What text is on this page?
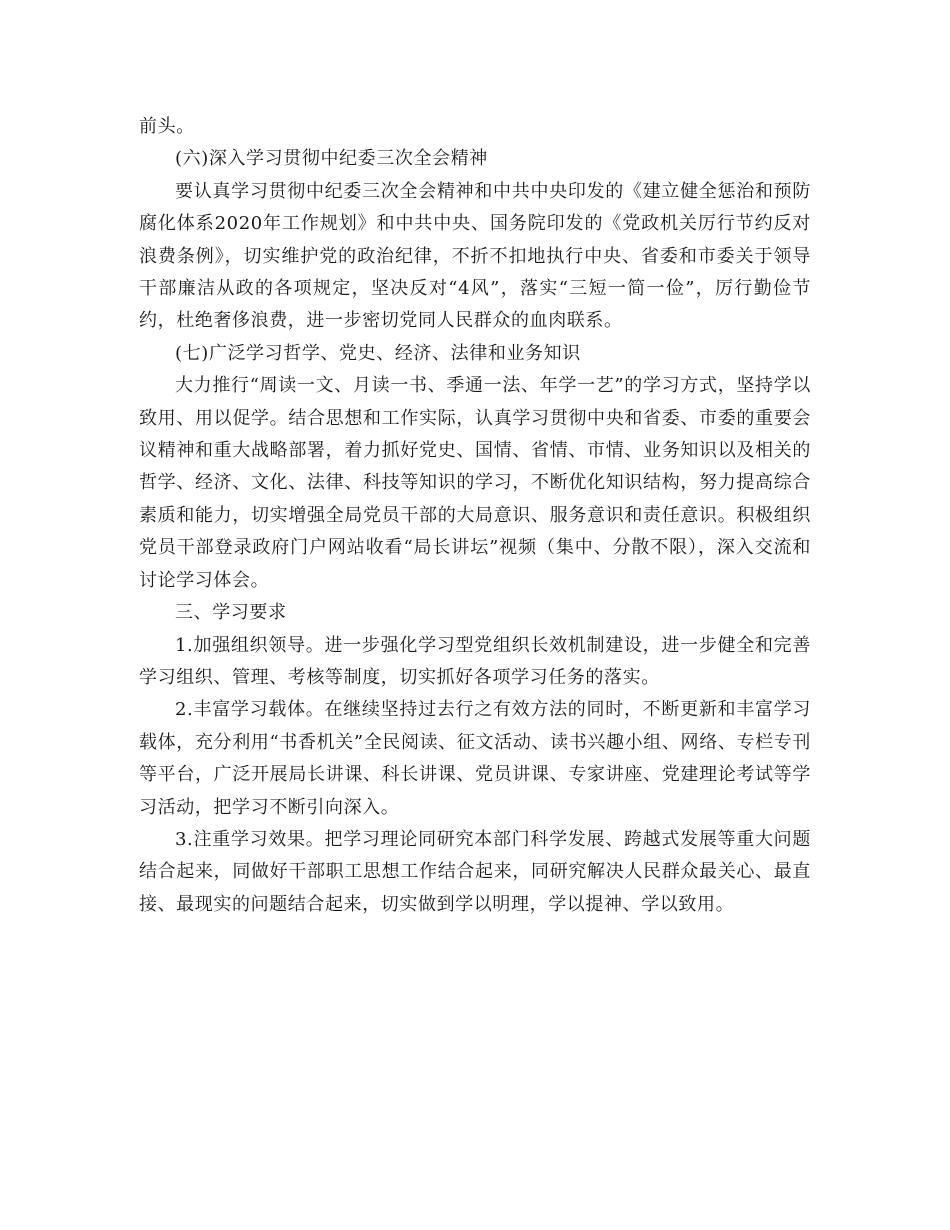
前头。

(六)深入学习贯彻中纪委三次全会精神

要认真学习贯彻中纪委三次全会精神和中共中央印发的《建立健全惩治和预防腐化体系2020年工作规划》和中共中央、国务院印发的《党政机关厉行节约反对浪费条例》，切实维护党的政治纪律，不折不扣地执行中央、省委和市委关于领导干部廉洁从政的各项规定，坚决反对“4风”，落实“三短一简一俭”，厉行勤俭节约，杜绝奢侈浪费，进一步密切党同人民群众的血肉联系。

(七)广泛学习哲学、党史、经济、法律和业务知识

大力推行“周读一文、月读一书、季通一法、年学一艺”的学习方式，坚持学以致用、用以促学。结合思想和工作实际，认真学习贯彻中央和省委、市委的重要会议精神和重大战略部署，着力抓好党史、国情、省情、市情、业务知识以及相关的哲学、经济、文化、法律、科技等知识的学习，不断优化知识结构，努力提高综合素质和能力，切实增强全局党员干部的大局意识、服务意识和责任意识。积极组织党员干部登录政府门户网站收看“局长讲坛”视频（集中、分散不限），深入交流和讨论学习体会。

三、学习要求

1.加强组织领导。进一步强化学习型党组织长效机制建设，进一步健全和完善学习组织、管理、考核等制度，切实抓好各项学习任务的落实。

2.丰富学习载体。在继续坚持过去行之有效方法的同时，不断更新和丰富学习载体，充分利用“书香机关”全民阅读、征文活动、读书兴趣小组、网络、专栏专刊等平台，广泛开展局长讲课、科长讲课、党员讲课、专家讲座、党建理论考试等学习活动，把学习不断引向深入。

3.注重学习效果。把学习理论同研究本部门科学发展、跨越式发展等重大问题结合起来，同做好干部职工思想工作结合起来，同研究解决人民群众最关心、最直接、最现实的问题结合起来，切实做到学以明理，学以提神、学以致用。
